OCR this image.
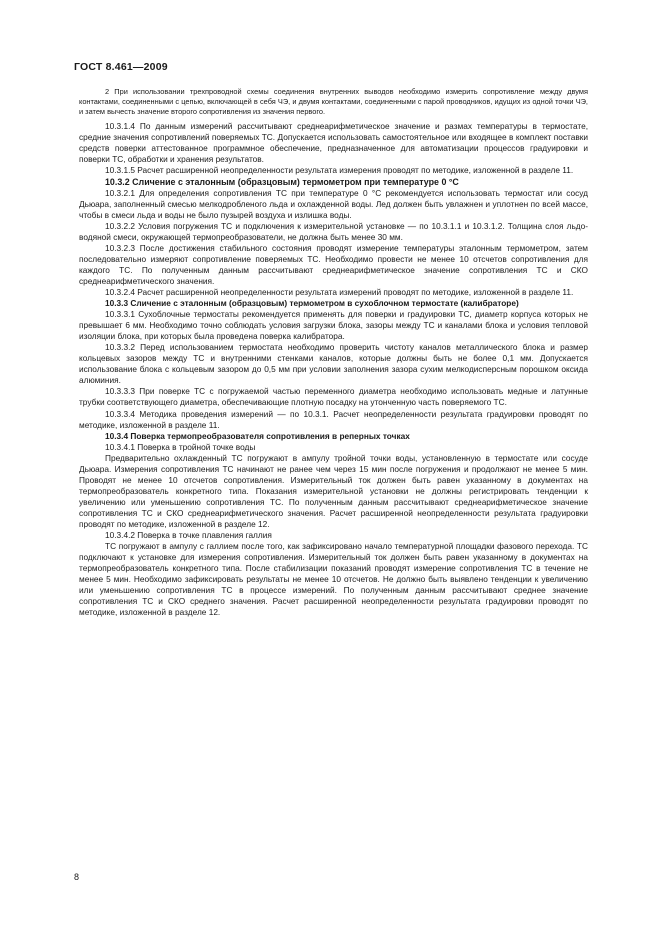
ГОСТ 8.461—2009

2 При использовании трехпроводной схемы соединения внутренних выводов необходимо измерить сопротивление между двумя контактами, соединенными с цепью, включающей в себя ЧЭ, и двумя контактами, соединенными с парой проводников, идущих из одной точки ЧЭ, и затем вычесть значение второго сопротивления из значения первого.

10.3.1.4 По данным измерений рассчитывают среднеарифметическое значение и размах температуры в термостате, средние значения сопротивлений поверяемых ТС. Допускается использовать самостоятельное или входящее в комплект поставки средств поверки аттестованное программное обеспечение, предназначенное для автоматизации процессов градуировки и поверки ТС, обработки и хранения результатов.

10.3.1.5 Расчет расширенной неопределенности результата измерения проводят по методике, изложенной в разделе 11.

10.3.2 Сличение с эталонным (образцовым) термометром при температуре 0 °С

10.3.2.1 Для определения сопротивления ТС при температуре 0 °С рекомендуется использовать термостат или сосуд Дьюара, заполненный смесью мелкодробленого льда и охлажденной воды. Лед должен быть увлажнен и уплотнен по всей массе, чтобы в смеси льда и воды не было пузырей воздуха и излишка воды.

10.3.2.2 Условия погружения ТС и подключения к измерительной установке — по 10.3.1.1 и 10.3.1.2. Толщина слоя льдо-водяной смеси, окружающей термопреобразователи, не должна быть менее 30 мм.

10.3.2.3 После достижения стабильного состояния проводят измерение температуры эталонным термометром, затем последовательно измеряют сопротивление поверяемых ТС. Необходимо провести не менее 10 отсчетов сопротивления для каждого ТС. По полученным данным рассчитывают среднеарифметическое значение сопротивления ТС и СКО среднеарифметического значения.

10.3.2.4 Расчет расширенной неопределенности результата измерений проводят по методике, изложенной в разделе 11.

10.3.3 Сличение с эталонным (образцовым) термометром в сухоблочном термостате (калибраторе)

10.3.3.1 Сухоблочные термостаты рекомендуется применять для поверки и градуировки ТС, диаметр корпуса которых не превышает 6 мм. Необходимо точно соблюдать условия загрузки блока, зазоры между ТС и каналами блока и условия тепловой изоляции блока, при которых была проведена поверка калибратора.

10.3.3.2 Перед использованием термостата необходимо проверить чистоту каналов металлического блока и размер кольцевых зазоров между ТС и внутренними стенками каналов, которые должны быть не более 0,1 мм. Допускается использование блока с кольцевым зазором до 0,5 мм при условии заполнения зазора сухим мелкодисперсным порошком оксида алюминия.

10.3.3.3 При поверке ТС с погружаемой частью переменного диаметра необходимо использовать медные и латунные трубки соответствующего диаметра, обеспечивающие плотную посадку на утонченную часть поверяемого ТС.

10.3.3.4 Методика проведения измерений — по 10.3.1. Расчет неопределенности результата градуировки проводят по методике, изложенной в разделе 11.

10.3.4 Поверка термопреобразователя сопротивления в реперных точках

10.3.4.1 Поверка в тройной точке воды

Предварительно охлажденный ТС погружают в ампулу тройной точки воды, установленную в термостате или сосуде Дьюара. Измерения сопротивления ТС начинают не ранее чем через 15 мин после погружения и продолжают не менее 5 мин. Проводят не менее 10 отсчетов сопротивления. Измерительный ток должен быть равен указанному в документах на термопреобразователь конкретного типа. Показания измерительной установки не должны регистрировать тенденции к увеличению или уменьшению сопротивления ТС. По полученным данным рассчитывают среднеарифметическое значение сопротивления ТС и СКО среднеарифметического значения. Расчет расширенной неопределенности результата градуировки проводят по методике, изложенной в разделе 12.

10.3.4.2 Поверка в точке плавления галлия

ТС погружают в ампулу с галлием после того, как зафиксировано начало температурной площадки фазового перехода. ТС подключают к установке для измерения сопротивления. Измерительный ток должен быть равен указанному в документах на термопреобразователь конкретного типа. После стабилизации показаний проводят измерение сопротивления ТС в течение не менее 5 мин. Необходимо зафиксировать результаты не менее 10 отсчетов. Не должно быть выявлено тенденции к увеличению или уменьшению сопротивления ТС в процессе измерений. По полученным данным рассчитывают среднее значение сопротивления ТС и СКО среднего значения. Расчет расширенной неопределенности результата градуировки проводят по методике, изложенной в разделе 12.

8
